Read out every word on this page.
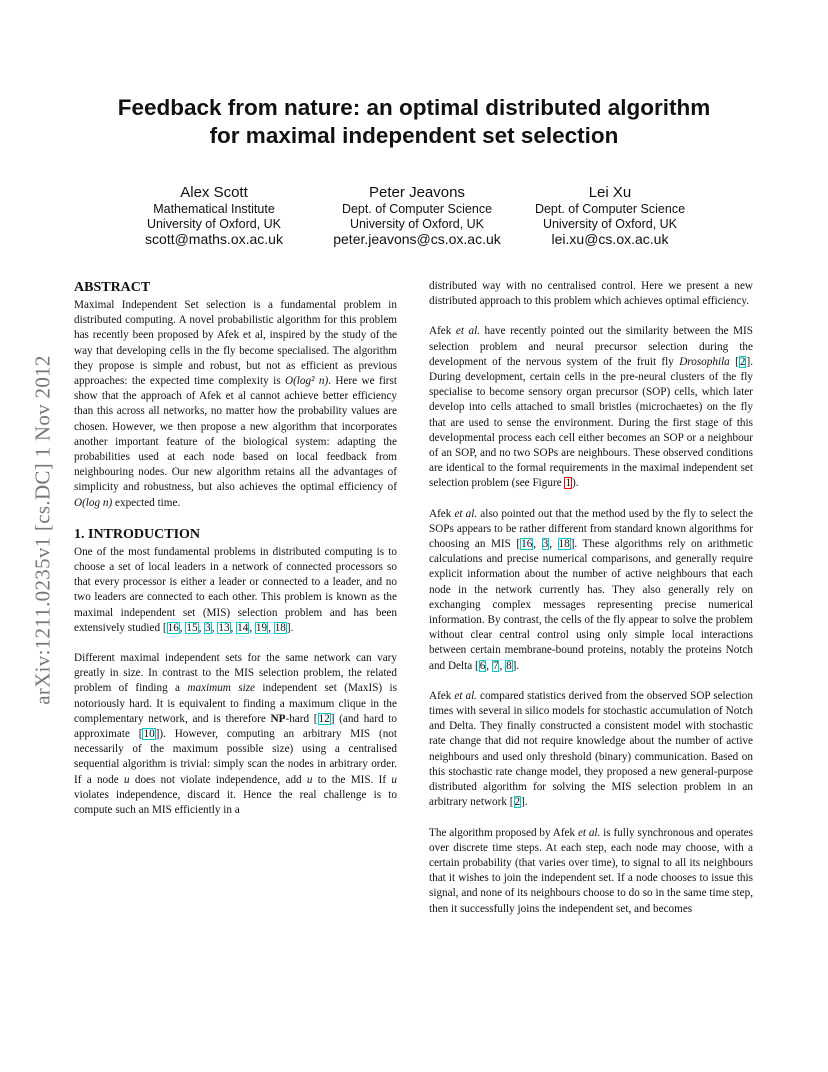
Feedback from nature: an optimal distributed algorithm
for maximal independent set selection
Alex Scott
Mathematical Institute
University of Oxford, UK
scott@maths.ox.ac.uk
Peter Jeavons
Dept. of Computer Science
University of Oxford, UK
peter.jeavons@cs.ox.ac.uk
Lei Xu
Dept. of Computer Science
University of Oxford, UK
lei.xu@cs.ox.ac.uk
arXiv:1211.0235v1 [cs.DC] 1 Nov 2012
ABSTRACT

Maximal Independent Set selection is a fundamental problem in distributed computing. A novel probabilistic algorithm for this problem has recently been proposed by Afek et al, inspired by the study of the way that developing cells in the fly become specialised. The algorithm they propose is simple and robust, but not as efficient as previous approaches: the expected time complexity is O(log² n). Here we first show that the approach of Afek et al cannot achieve better efficiency than this across all networks, no matter how the probability values are chosen. However, we then propose a new algorithm that incorporates another important feature of the biological system: adapting the probabilities used at each node based on local feedback from neighbouring nodes. Our new algorithm retains all the advantages of simplicity and robustness, but also achieves the optimal efficiency of O(log n) expected time.

1. INTRODUCTION

One of the most fundamental problems in distributed computing is to choose a set of local leaders in a network of connected processors so that every processor is either a leader or connected to a leader, and no two leaders are connected to each other. This problem is known as the maximal independent set (MIS) selection problem and has been extensively studied [16, 15, 3, 13, 14, 19, 18].

Different maximal independent sets for the same network can vary greatly in size. In contrast to the MIS selection problem, the related problem of finding a maximum size independent set (MaxIS) is notoriously hard. It is equivalent to finding a maximum clique in the complementary network, and is therefore NP-hard [12] (and hard to approximate [10]). However, computing an arbitrary MIS (not necessarily of the maximum possible size) using a centralised sequential algorithm is trivial: simply scan the nodes in arbitrary order. If a node u does not violate independence, add u to the MIS. If u violates independence, discard it. Hence the real challenge is to compute such an MIS efficiently in a

distributed way with no centralised control. Here we present a new distributed approach to this problem which achieves optimal efficiency.

Afek et al. have recently pointed out the similarity between the MIS selection problem and neural precursor selection during the development of the nervous system of the fruit fly Drosophila [2]. During development, certain cells in the pre-neural clusters of the fly specialise to become sensory organ precursor (SOP) cells, which later develop into cells attached to small bristles (microchaetes) on the fly that are used to sense the environment. During the first stage of this developmental process each cell either becomes an SOP or a neighbour of an SOP, and no two SOPs are neighbours. These observed conditions are identical to the formal requirements in the maximal independent set selection problem (see Figure 1).

Afek et al. also pointed out that the method used by the fly to select the SOPs appears to be rather different from standard known algorithms for choosing an MIS [16, 3, 18]. These algorithms rely on arithmetic calculations and precise numerical comparisons, and generally require explicit information about the number of active neighbours that each node in the network currently has. They also generally rely on exchanging complex messages representing precise numerical information. By contrast, the cells of the fly appear to solve the problem without clear central control using only simple local interactions between certain membrane-bound proteins, notably the proteins Notch and Delta [6, 7, 8].

Afek et al. compared statistics derived from the observed SOP selection times with several in silico models for stochastic accumulation of Notch and Delta. They finally constructed a consistent model with stochastic rate change that did not require knowledge about the number of active neighbours and used only threshold (binary) communication. Based on this stochastic rate change model, they proposed a new general-purpose distributed algorithm for solving the MIS selection problem in an arbitrary network [2].

The algorithm proposed by Afek et al. is fully synchronous and operates over discrete time steps. At each step, each node may choose, with a certain probability (that varies over time), to signal to all its neighbours that it wishes to join the independent set. If a node chooses to issue this signal, and none of its neighbours choose to do so in the same time step, then it successfully joins the independent set, and becomes
